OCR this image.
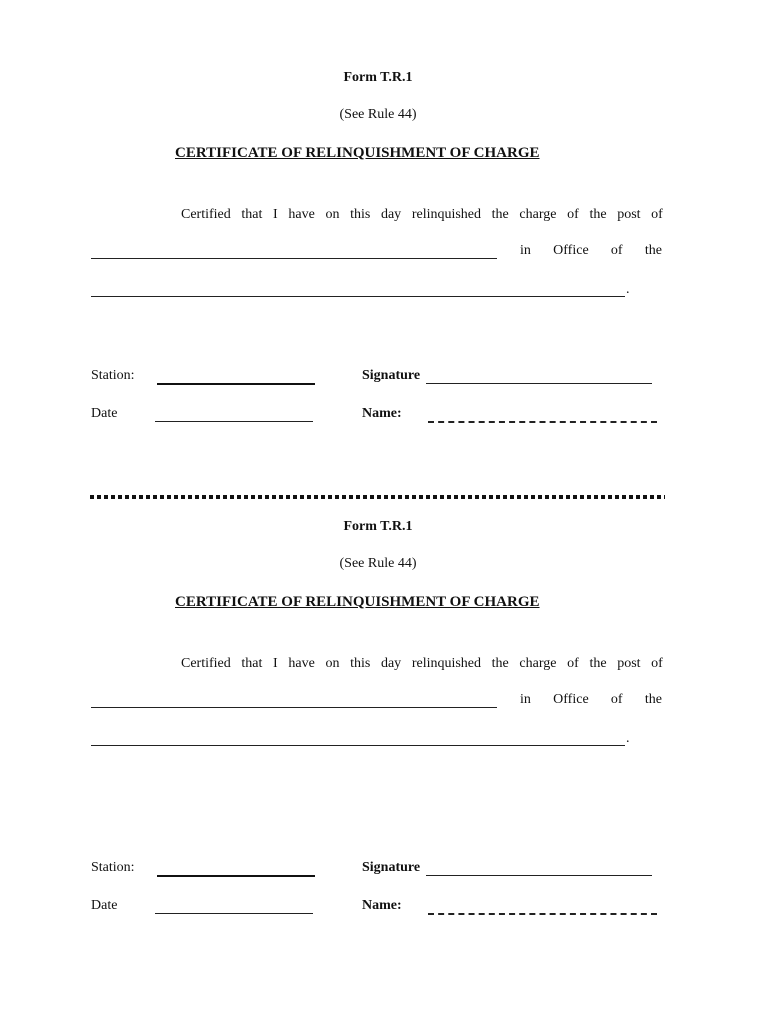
Form T.R.1
(See Rule 44)
CERTIFICATE OF RELINQUISHMENT OF CHARGE
Certified that I have on this day relinquished the charge of the post of
in Office of the
.
Station:	Signature
Date	Name:
Form T.R.1
(See Rule 44)
CERTIFICATE OF RELINQUISHMENT OF CHARGE
Certified that I have on this day relinquished the charge of the post of
in Office of the
.
Station:	Signature
Date	Name:
